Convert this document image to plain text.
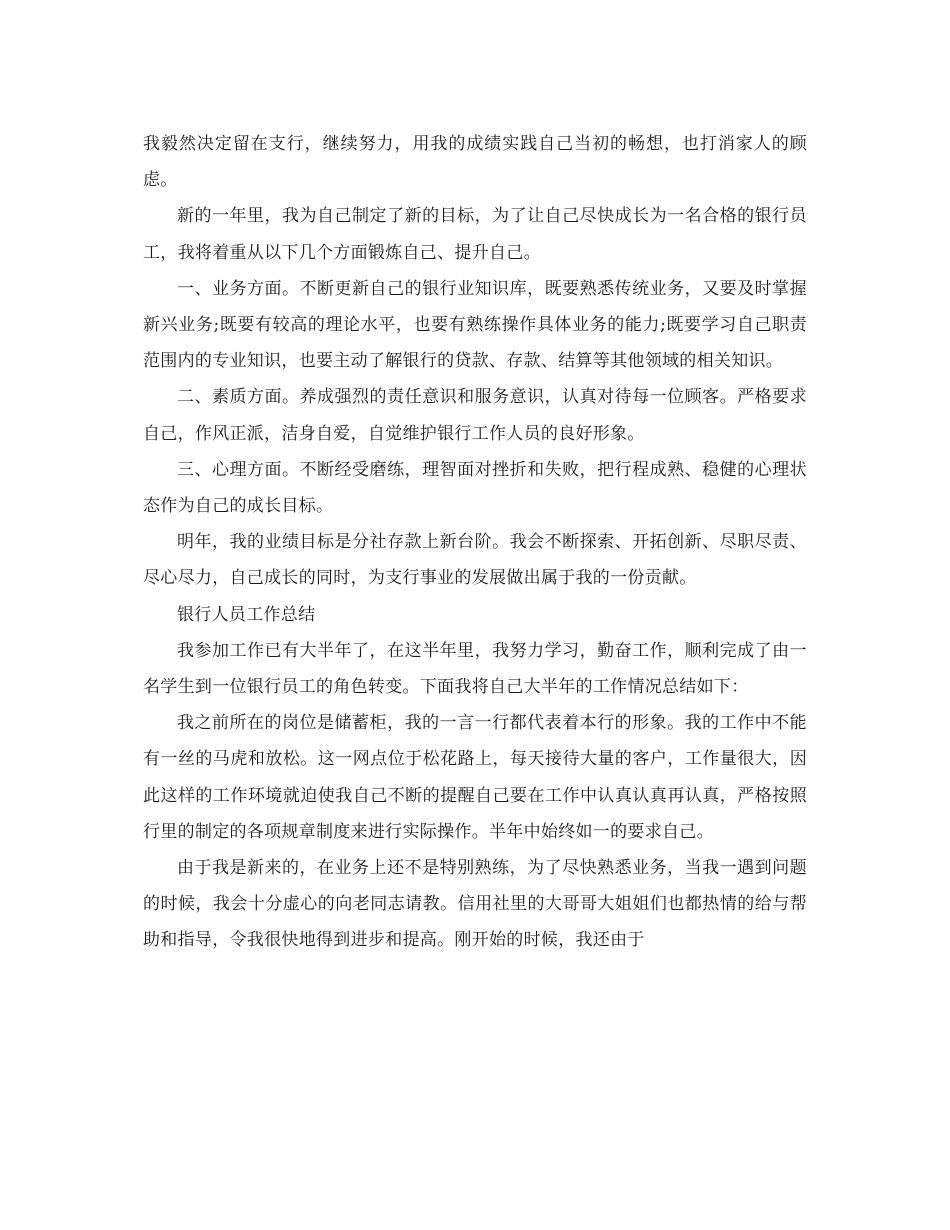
我毅然决定留在支行，继续努力，用我的成绩实践自己当初的畅想，也打消家人的顾虑。

新的一年里，我为自己制定了新的目标，为了让自己尽快成长为一名合格的银行员工，我将着重从以下几个方面锻炼自己、提升自己。

一、业务方面。不断更新自己的银行业知识库，既要熟悉传统业务，又要及时掌握新兴业务;既要有较高的理论水平，也要有熟练操作具体业务的能力;既要学习自己职责范围内的专业知识，也要主动了解银行的贷款、存款、结算等其他领域的相关知识。

二、素质方面。养成强烈的责任意识和服务意识，认真对待每一位顾客。严格要求自己，作风正派，洁身自爱，自觉维护银行工作人员的良好形象。

三、心理方面。不断经受磨练，理智面对挫折和失败，把行程成熟、稳健的心理状态作为自己的成长目标。

明年，我的业绩目标是分社存款上新台阶。我会不断探索、开拓创新、尽职尽责、尽心尽力，自己成长的同时，为支行事业的发展做出属于我的一份贡献。

银行人员工作总结

我参加工作已有大半年了，在这半年里，我努力学习，勤奋工作，顺利完成了由一名学生到一位银行员工的角色转变。下面我将自己大半年的工作情况总结如下：

我之前所在的岗位是储蓄柜，我的一言一行都代表着本行的形象。我的工作中不能有一丝的马虎和放松。这一网点位于松花路上，每天接待大量的客户，工作量很大，因此这样的工作环境就迫使我自己不断的提醒自己要在工作中认真认真再认真，严格按照行里的制定的各项规章制度来进行实际操作。半年中始终如一的要求自己。

由于我是新来的，在业务上还不是特别熟练，为了尽快熟悉业务，当我一遇到问题的时候，我会十分虚心的向老同志请教。信用社里的大哥哥大姐姐们也都热情的给与帮助和指导，令我很快地得到进步和提高。刚开始的时候，我还由于
